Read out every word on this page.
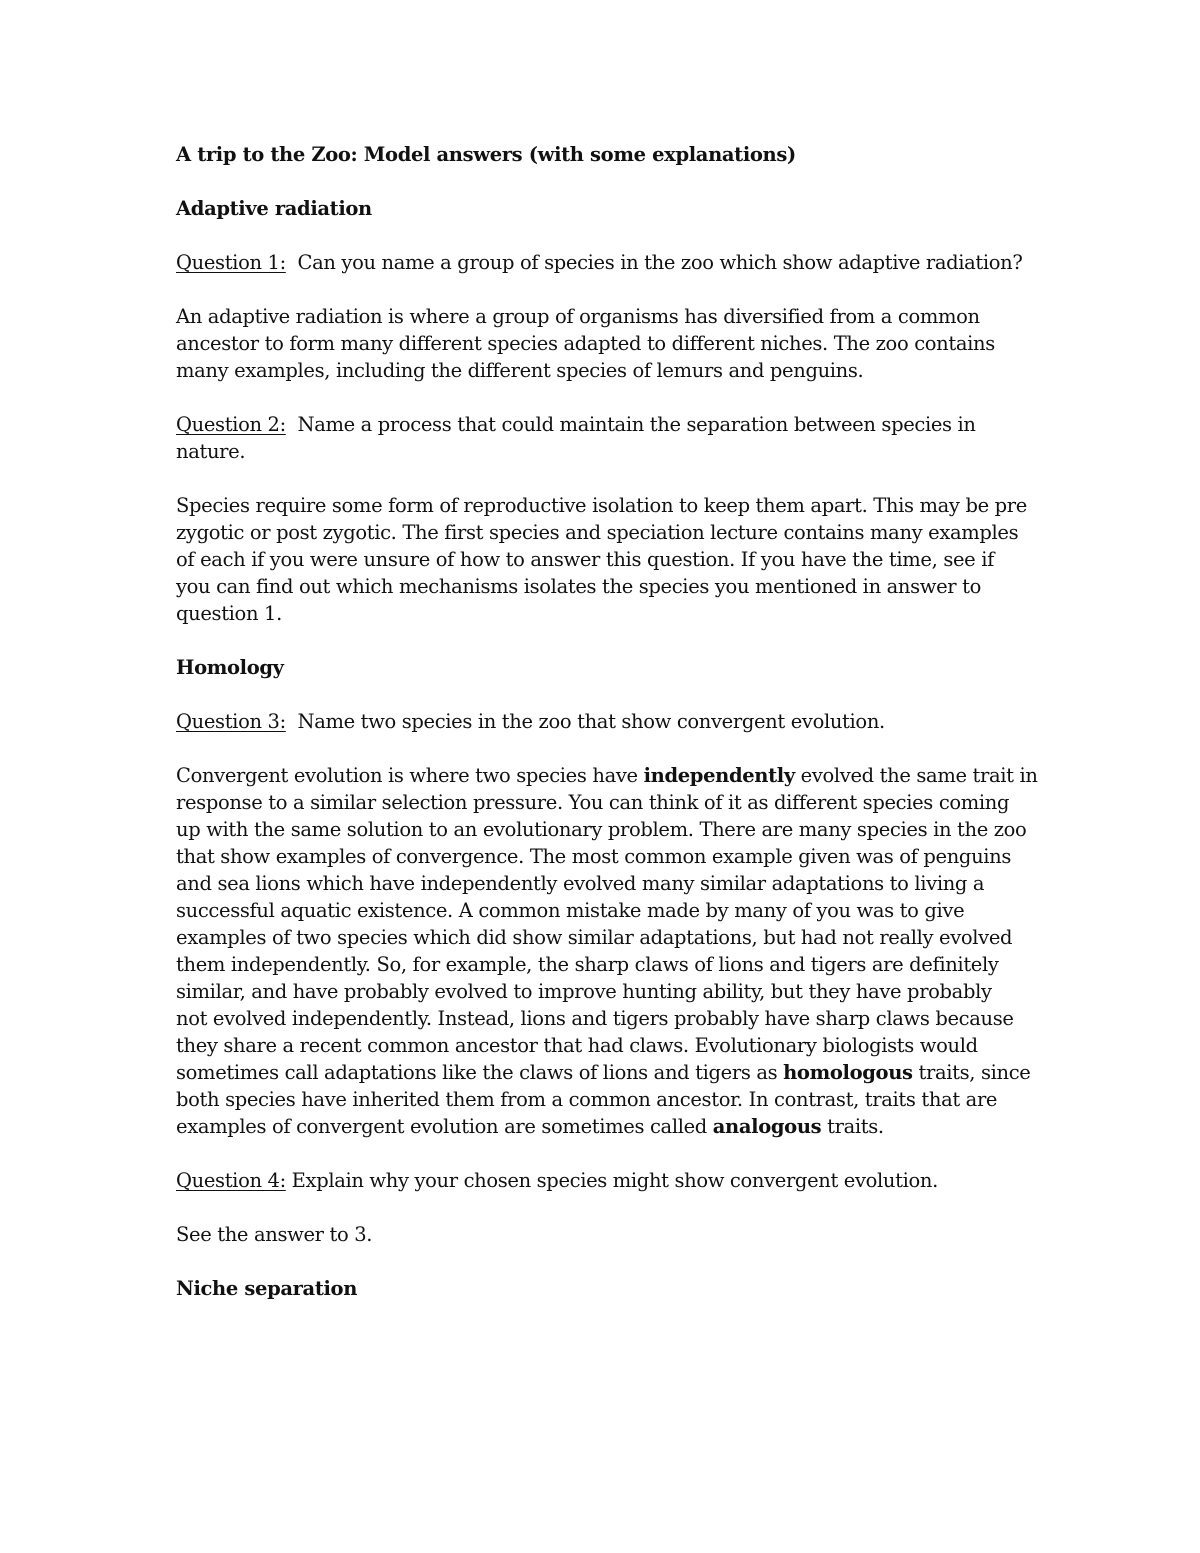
A trip to the Zoo: Model answers (with some explanations)
Adaptive radiation
Question 1: Can you name a group of species in the zoo which show adaptive radiation?
An adaptive radiation is where a group of organisms has diversified from a common
ancestor to form many different species adapted to different niches. The zoo contains
many examples, including the different species of lemurs and penguins.
Question 2: Name a process that could maintain the separation between species in
nature.
Species require some form of reproductive isolation to keep them apart. This may be pre
zygotic or post zygotic. The first species and speciation lecture contains many examples
of each if you were unsure of how to answer this question. If you have the time, see if
you can find out which mechanisms isolates the species you mentioned in answer to
question 1.
Homology
Question 3: Name two species in the zoo that show convergent evolution.
Convergent evolution is where two species have independently evolved the same trait in
response to a similar selection pressure. You can think of it as different species coming
up with the same solution to an evolutionary problem. There are many species in the zoo
that show examples of convergence. The most common example given was of penguins
and sea lions which have independently evolved many similar adaptations to living a
successful aquatic existence. A common mistake made by many of you was to give
examples of two species which did show similar adaptations, but had not really evolved
them independently. So, for example, the sharp claws of lions and tigers are definitely
similar, and have probably evolved to improve hunting ability, but they have probably
not evolved independently. Instead, lions and tigers probably have sharp claws because
they share a recent common ancestor that had claws. Evolutionary biologists would
sometimes call adaptations like the claws of lions and tigers as homologous traits, since
both species have inherited them from a common ancestor. In contrast, traits that are
examples of convergent evolution are sometimes called analogous traits.
Question 4: Explain why your chosen species might show convergent evolution.
See the answer to 3.
Niche separation
